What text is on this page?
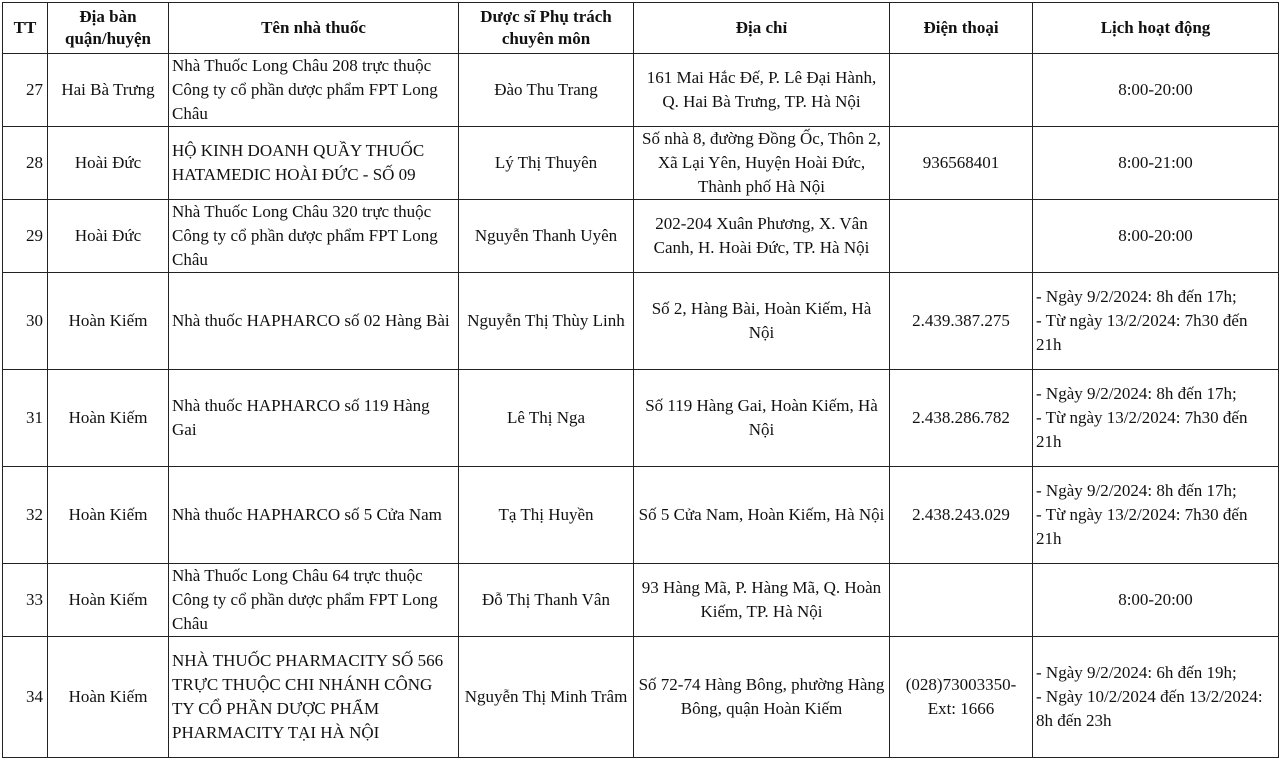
TT	Địa bàn quận/huyện	Tên nhà thuốc	Dược sĩ Phụ trách chuyên môn	Địa chỉ	Điện thoại	Lịch hoạt động
27	Hai Bà Trưng	Nhà Thuốc Long Châu 208 trực thuộc Công ty cổ phần dược phẩm FPT Long Châu	Đào Thu Trang	161 Mai Hắc Đế, P. Lê Đại Hành, Q. Hai Bà Trưng, TP. Hà Nội		8:00-20:00

28	Hoài Đức	HỘ KINH DOANH QUẦY THUỐC HATAMEDIC HOÀI ĐỨC - SỐ 09	Lý Thị Thuyên	Số nhà 8, đường Đồng Ốc, Thôn 2, Xã Lại Yên, Huyện Hoài Đức, Thành phố Hà Nội	936568401	8:00-21:00

29	Hoài Đức	Nhà Thuốc Long Châu 320 trực thuộc Công ty cổ phần dược phẩm FPT Long Châu	Nguyễn Thanh Uyên	202-204 Xuân Phương, X. Vân Canh, H. Hoài Đức, TP. Hà Nội		8:00-20:00

30	Hoàn Kiếm	Nhà thuốc HAPHARCO số 02 Hàng Bài	Nguyễn Thị Thùy Linh	Số 2, Hàng Bài, Hoàn Kiếm, Hà Nội	2.439.387.275	- Ngày 9/2/2024: 8h đến 17h;
- Từ ngày 13/2/2024: 7h30 đến 21h

31	Hoàn Kiếm	Nhà thuốc HAPHARCO số 119 Hàng Gai	Lê Thị Nga	Số 119 Hàng Gai, Hoàn Kiếm, Hà Nội	2.438.286.782	- Ngày 9/2/2024: 8h đến 17h;
- Từ ngày 13/2/2024: 7h30 đến 21h

32	Hoàn Kiếm	Nhà thuốc HAPHARCO số 5 Cửa Nam	Tạ Thị Huyền	Số 5 Cửa Nam, Hoàn Kiếm, Hà Nội	2.438.243.029	- Ngày 9/2/2024: 8h đến 17h;
- Từ ngày 13/2/2024: 7h30 đến 21h

33	Hoàn Kiếm	Nhà Thuốc Long Châu 64 trực thuộc Công ty cổ phần dược phẩm FPT Long Châu	Đỗ Thị Thanh Vân	93 Hàng Mã, P. Hàng Mã, Q. Hoàn Kiếm, TP. Hà Nội		8:00-20:00

34	Hoàn Kiếm	NHÀ THUỐC PHARMACITY SỐ 566 TRỰC THUỘC CHI NHÁNH CÔNG TY CỔ PHẦN DƯỢC PHẨM PHARMACITY TẠI HÀ NỘI	Nguyễn Thị Minh Trâm	Số 72-74 Hàng Bông, phường Hàng Bông, quận Hoàn Kiếm	(028)73003350-Ext: 1666	- Ngày 9/2/2024: 6h đến 19h;
- Ngày 10/2/2024 đến 13/2/2024: 8h đến 23h
